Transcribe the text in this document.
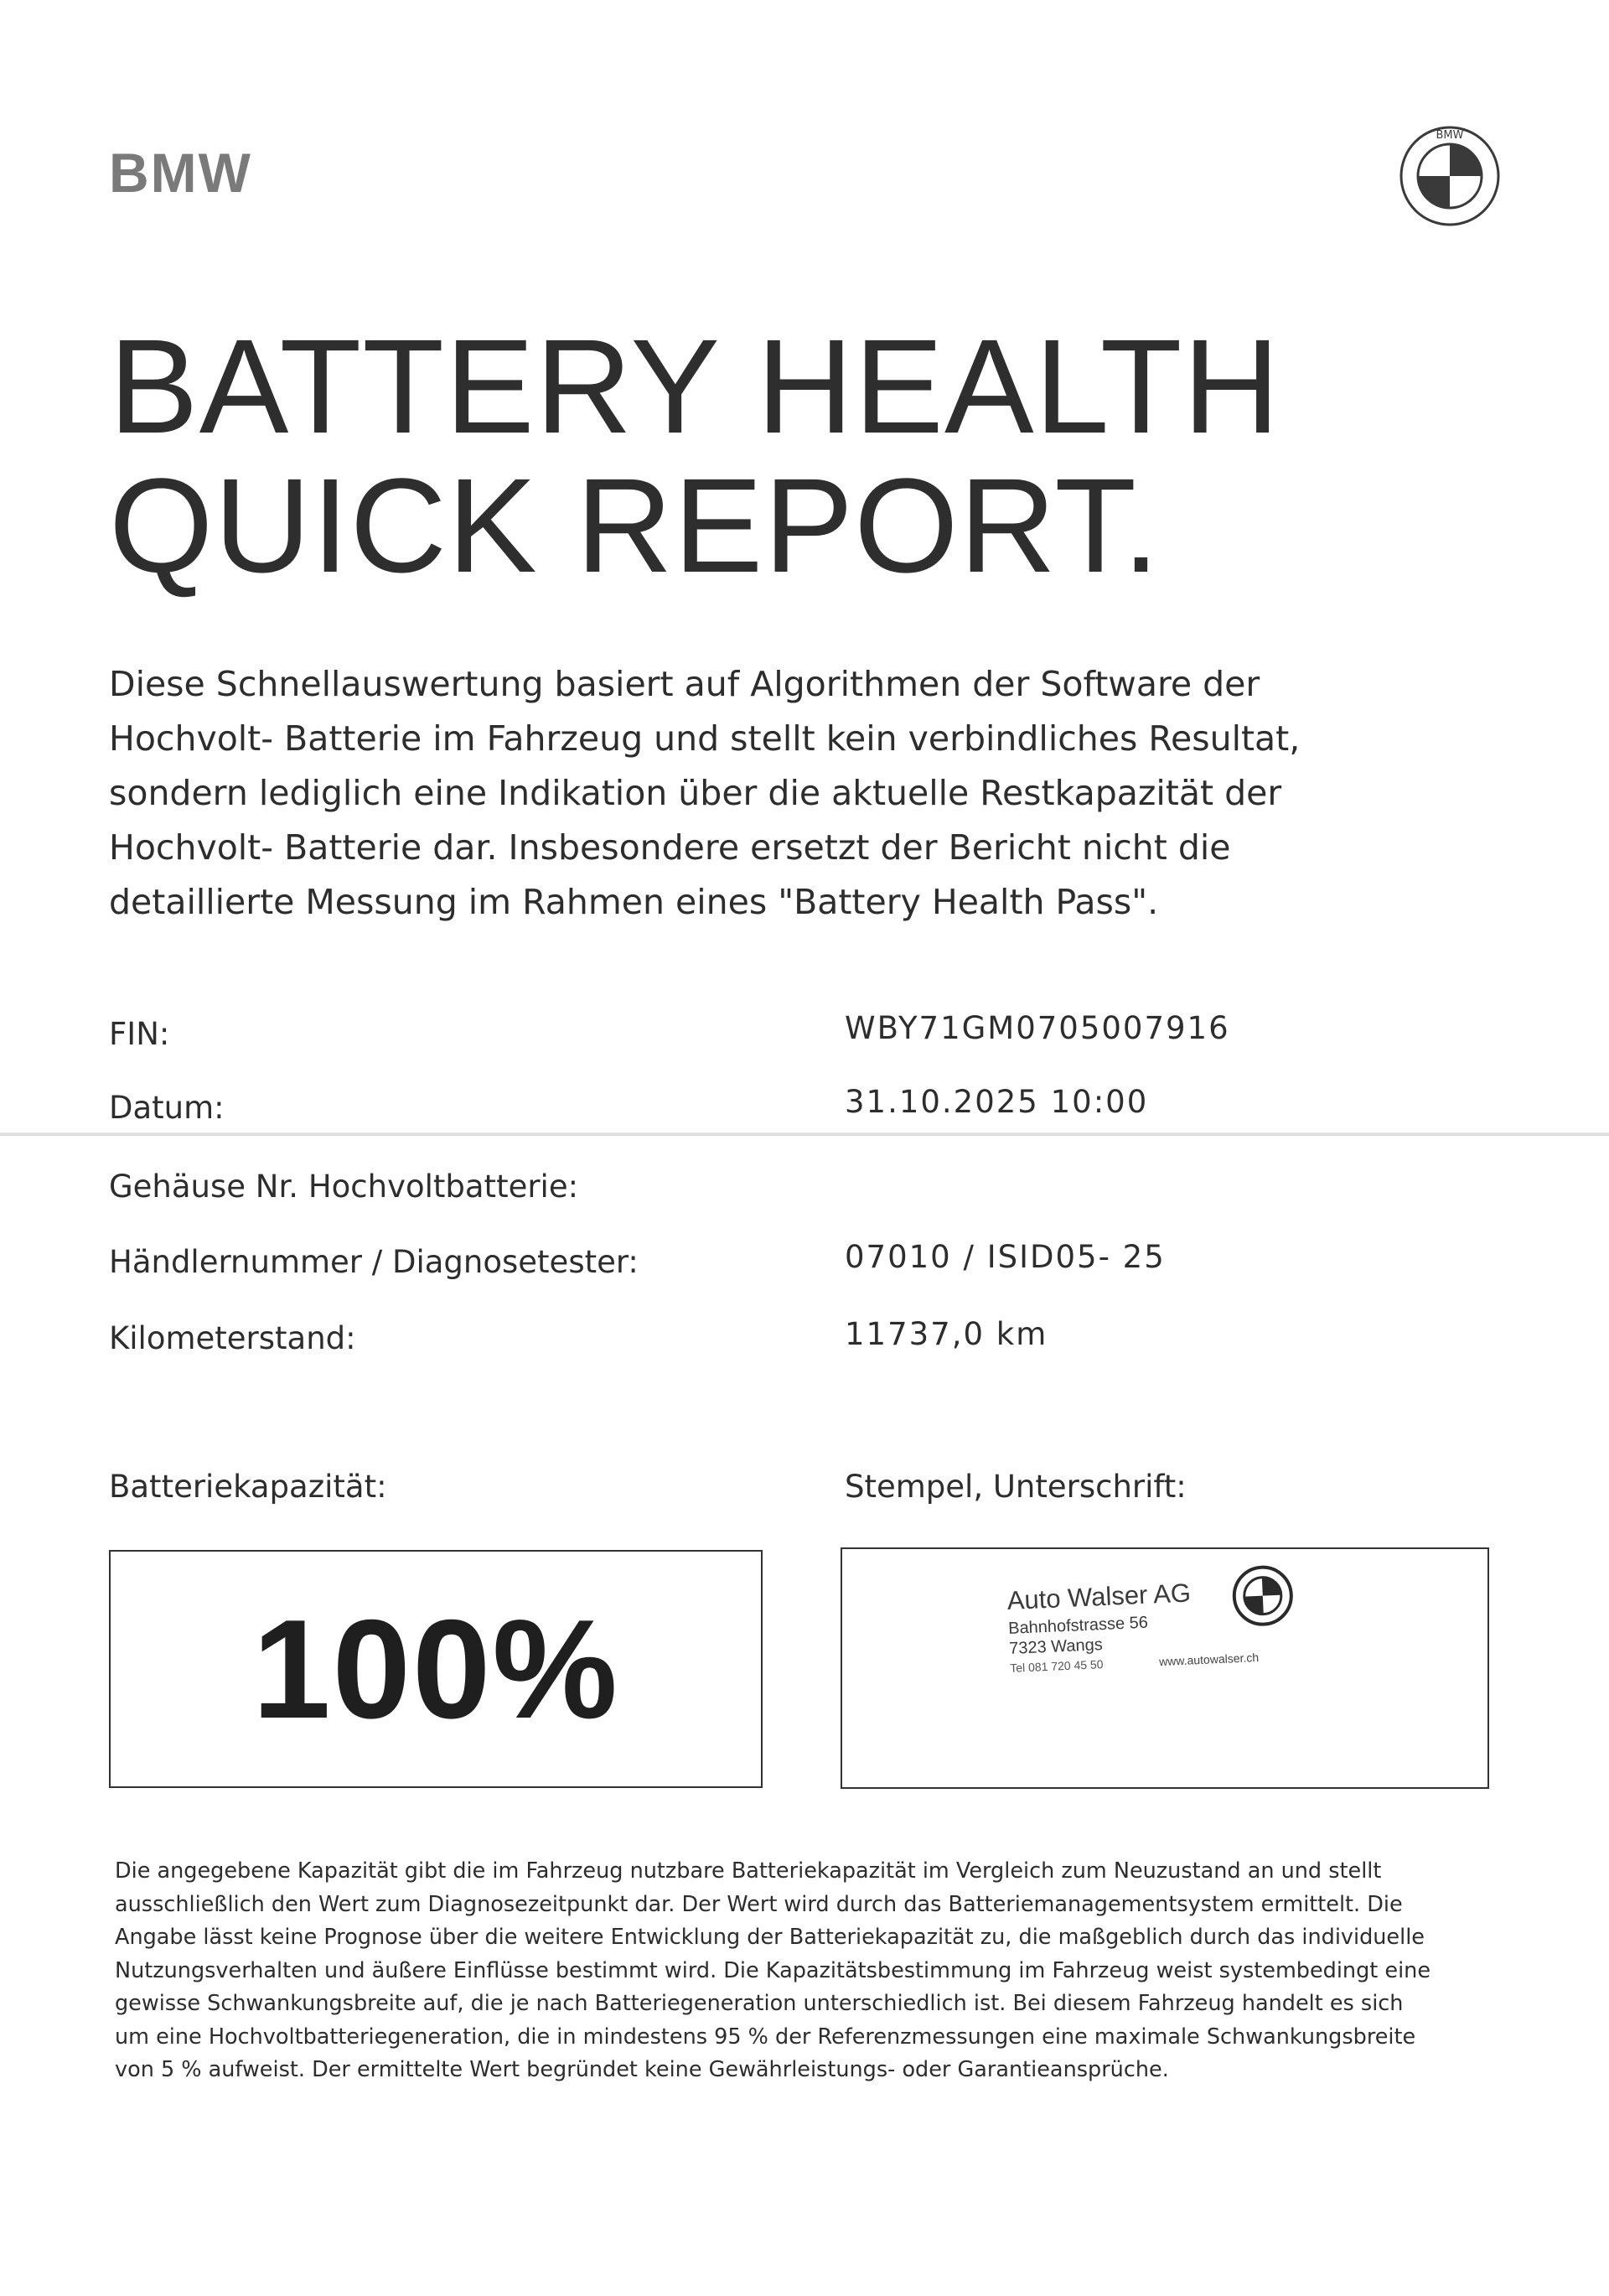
BMW
BMW
BATTERY HEALTH
QUICK REPORT.

Diese Schnellauswertung basiert auf Algorithmen der Software der
Hochvolt- Batterie im Fahrzeug und stellt kein verbindliches Resultat,
sondern lediglich eine Indikation über die aktuelle Restkapazität der
Hochvolt- Batterie dar. Insbesondere ersetzt der Bericht nicht die
detaillierte Messung im Rahmen eines "Battery Health Pass".

FIN:	WBY71GM0705007916
Datum:	31.10.2025 10:00
Gehäuse Nr. Hochvoltbatterie:
Händlernummer / Diagnosetester:	07010 / ISID05- 25
Kilometerstand:	11737,0 km
Batteriekapazität:	Stempel, Unterschrift:
100%	Auto Walser AG
Bahnhofstrasse 56
7323 Wangs
Tel 081 720 45 50	www.autowalser.ch

Die angegebene Kapazität gibt die im Fahrzeug nutzbare Batteriekapazität im Vergleich zum Neuzustand an und stellt
ausschließlich den Wert zum Diagnosezeitpunkt dar. Der Wert wird durch das Batteriemanagementsystem ermittelt. Die
Angabe lässt keine Prognose über die weitere Entwicklung der Batteriekapazität zu, die maßgeblich durch das individuelle
Nutzungsverhalten und äußere Einflüsse bestimmt wird. Die Kapazitätsbestimmung im Fahrzeug weist systembedingt eine
gewisse Schwankungsbreite auf, die je nach Batteriegeneration unterschiedlich ist. Bei diesem Fahrzeug handelt es sich
um eine Hochvoltbatteriegeneration, die in mindestens 95 % der Referenzmessungen eine maximale Schwankungsbreite
von 5 % aufweist. Der ermittelte Wert begründet keine Gewährleistungs- oder Garantieansprüche.
